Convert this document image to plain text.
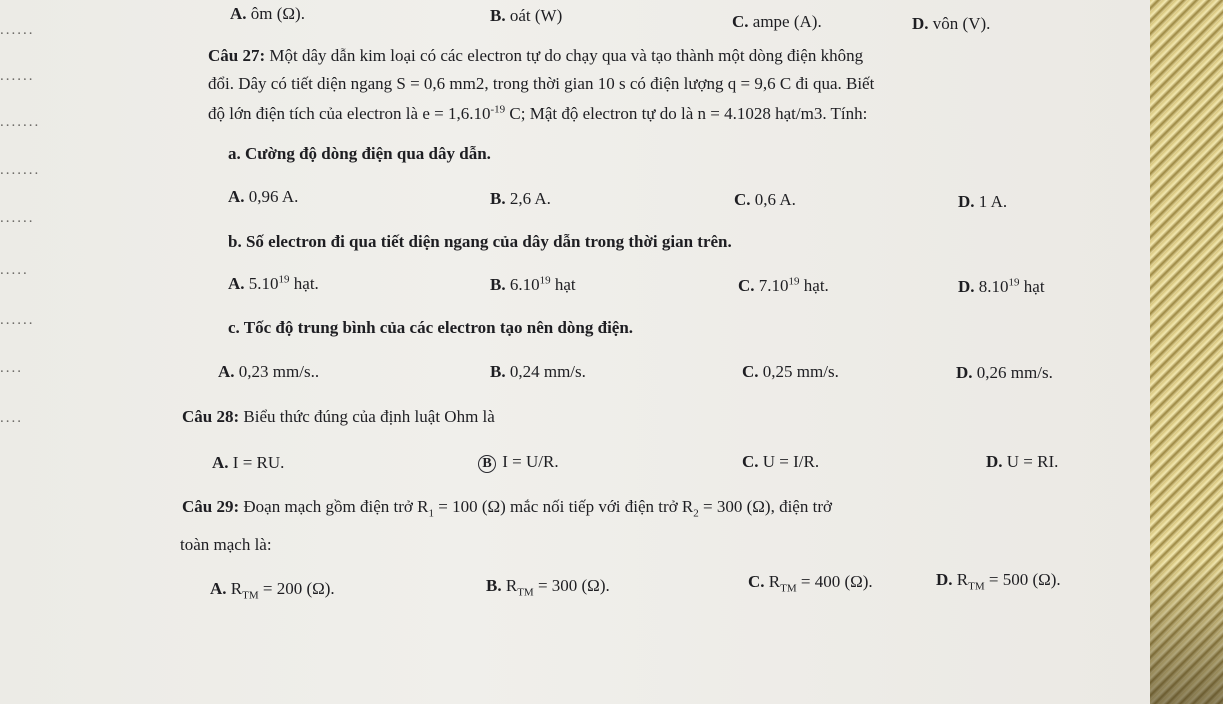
......
......
.......
.......
......
.....
......
....
....
A. ôm (Ω).	B. oát (W)	C. ampe (A).	D. vôn (V).
Câu 27: Một dây dẫn kim loại có các electron tự do chạy qua và tạo thành một dòng điện không
đổi. Dây có tiết diện ngang S = 0,6 mm2, trong thời gian 10 s có điện lượng q = 9,6 C đi qua. Biết
độ lớn điện tích của electron là $e = 1,6.10^{-19}$ C; Mật độ electron tự do là n = 4.1028 hạt/m3. Tính:
a. Cường độ dòng điện qua dây dẫn.
A. 0,96 A.	B. 2,6 A.	C. 0,6 A.	D. 1 A.
b. Số electron đi qua tiết diện ngang của dây dẫn trong thời gian trên.
A. 5.10$^{19}$ hạt.	B. 6.10$^{19}$ hạt	C. 7.10$^{19}$ hạt.	D. 8.10$^{19}$ hạt
c. Tốc độ trung bình của các electron tạo nên dòng điện.
A. 0,23 mm/s..	B. 0,24 mm/s.	C. 0,25 mm/s.	D. 0,26 mm/s.
Câu 28: Biểu thức đúng của định luật Ohm là
A. I = RU.	B I = U/R.	C. U = I/R.	D. U = RI.
Câu 29: Đoạn mạch gồm điện trở $R_1 = 100$ (Ω) mắc nối tiếp với điện trở $R_2 = 300$ (Ω), điện trở
toàn mạch là:
A. $R_{TM} = 200$ (Ω).	B. $R_{TM} = 300$ (Ω).	C. $R_{TM} = 400$ (Ω).	D. $R_{TM} = 500$ (Ω).
